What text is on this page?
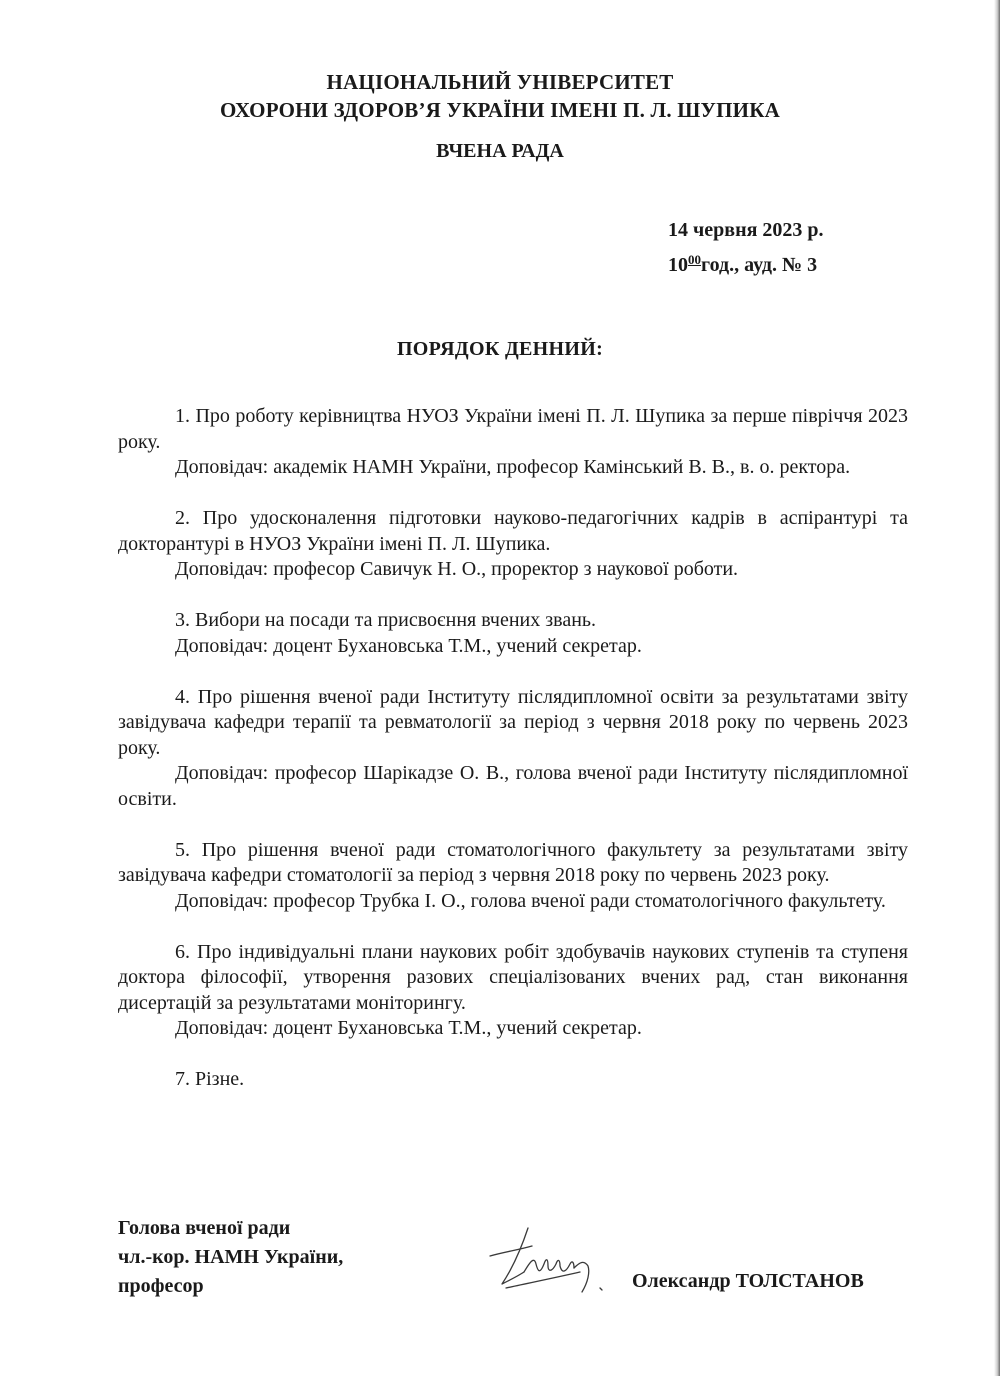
НАЦІОНАЛЬНИЙ УНІВЕРСИТЕТ
ОХОРОНИ ЗДОРОВ’Я УКРАЇНИ ІМЕНІ П. Л. ШУПИКА
ВЧЕНА РАДА
14 червня 2023 р.
$10^{00}год$., ауд. № 3
ПОРЯДОК ДЕННИЙ:

1. Про роботу керівництва НУОЗ України імені П. Л. Шупика за перше півріччя 2023 року.

Доповідач: академік НАМН України, професор Камінський В. В., в. о. ректора.

2. Про удосконалення підготовки науково-педагогічних кадрів в аспірантурі та докторантурі в НУОЗ України імені П. Л. Шупика.

Доповідач: професор Савичук Н. О., проректор з наукової роботи.

3. Вибори на посади та присвоєння вчених звань.

Доповідач: доцент Бухановська Т.М., учений секретар.

4. Про рішення вченої ради Інституту післядипломної освіти за результатами звіту завідувача кафедри терапії та ревматології за період з червня 2018 року по червень 2023 року.

Доповідач: професор Шарікадзе О. В., голова вченої ради Інституту післядипломної освіти.

5. Про рішення вченої ради стоматологічного факультету за результатами звіту завідувача кафедри стоматології за період з червня 2018 року по червень 2023 року.

Доповідач: професор Трубка І. О., голова вченої ради стоматологічного факультету.

6. Про індивідуальні плани наукових робіт здобувачів наукових ступенів та ступеня доктора філософії, утворення разових спеціалізованих вчених рад, стан виконання дисертацій за результатами моніторингу.

Доповідач: доцент Бухановська Т.М., учений секретар.

7. Різне.

Голова вченої ради
чл.-кор. НАМН України,
професор	Олександр ТОЛСТАНОВ
